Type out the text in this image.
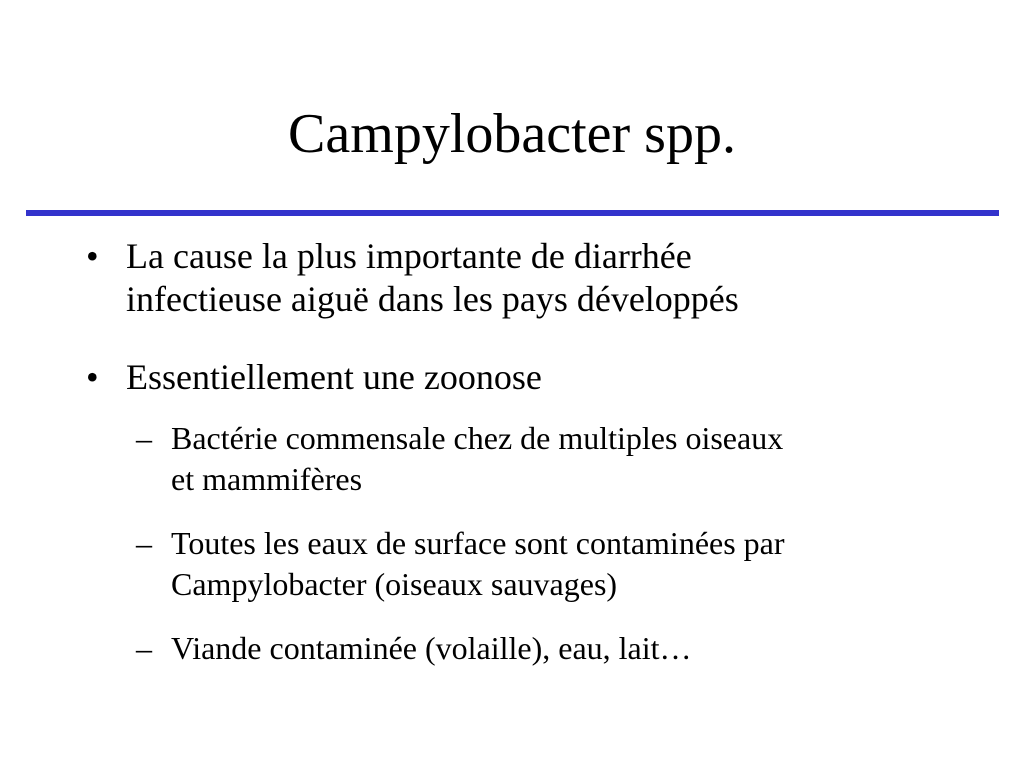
Campylobacter spp.
• La cause la plus importante de diarrhée
infectieuse aiguë dans les pays développés
• Essentiellement une zoonose
– Bactérie commensale chez de multiples oiseaux
et mammifères
– Toutes les eaux de surface sont contaminées par
Campylobacter (oiseaux sauvages)
– Viande contaminée (volaille), eau, lait…
